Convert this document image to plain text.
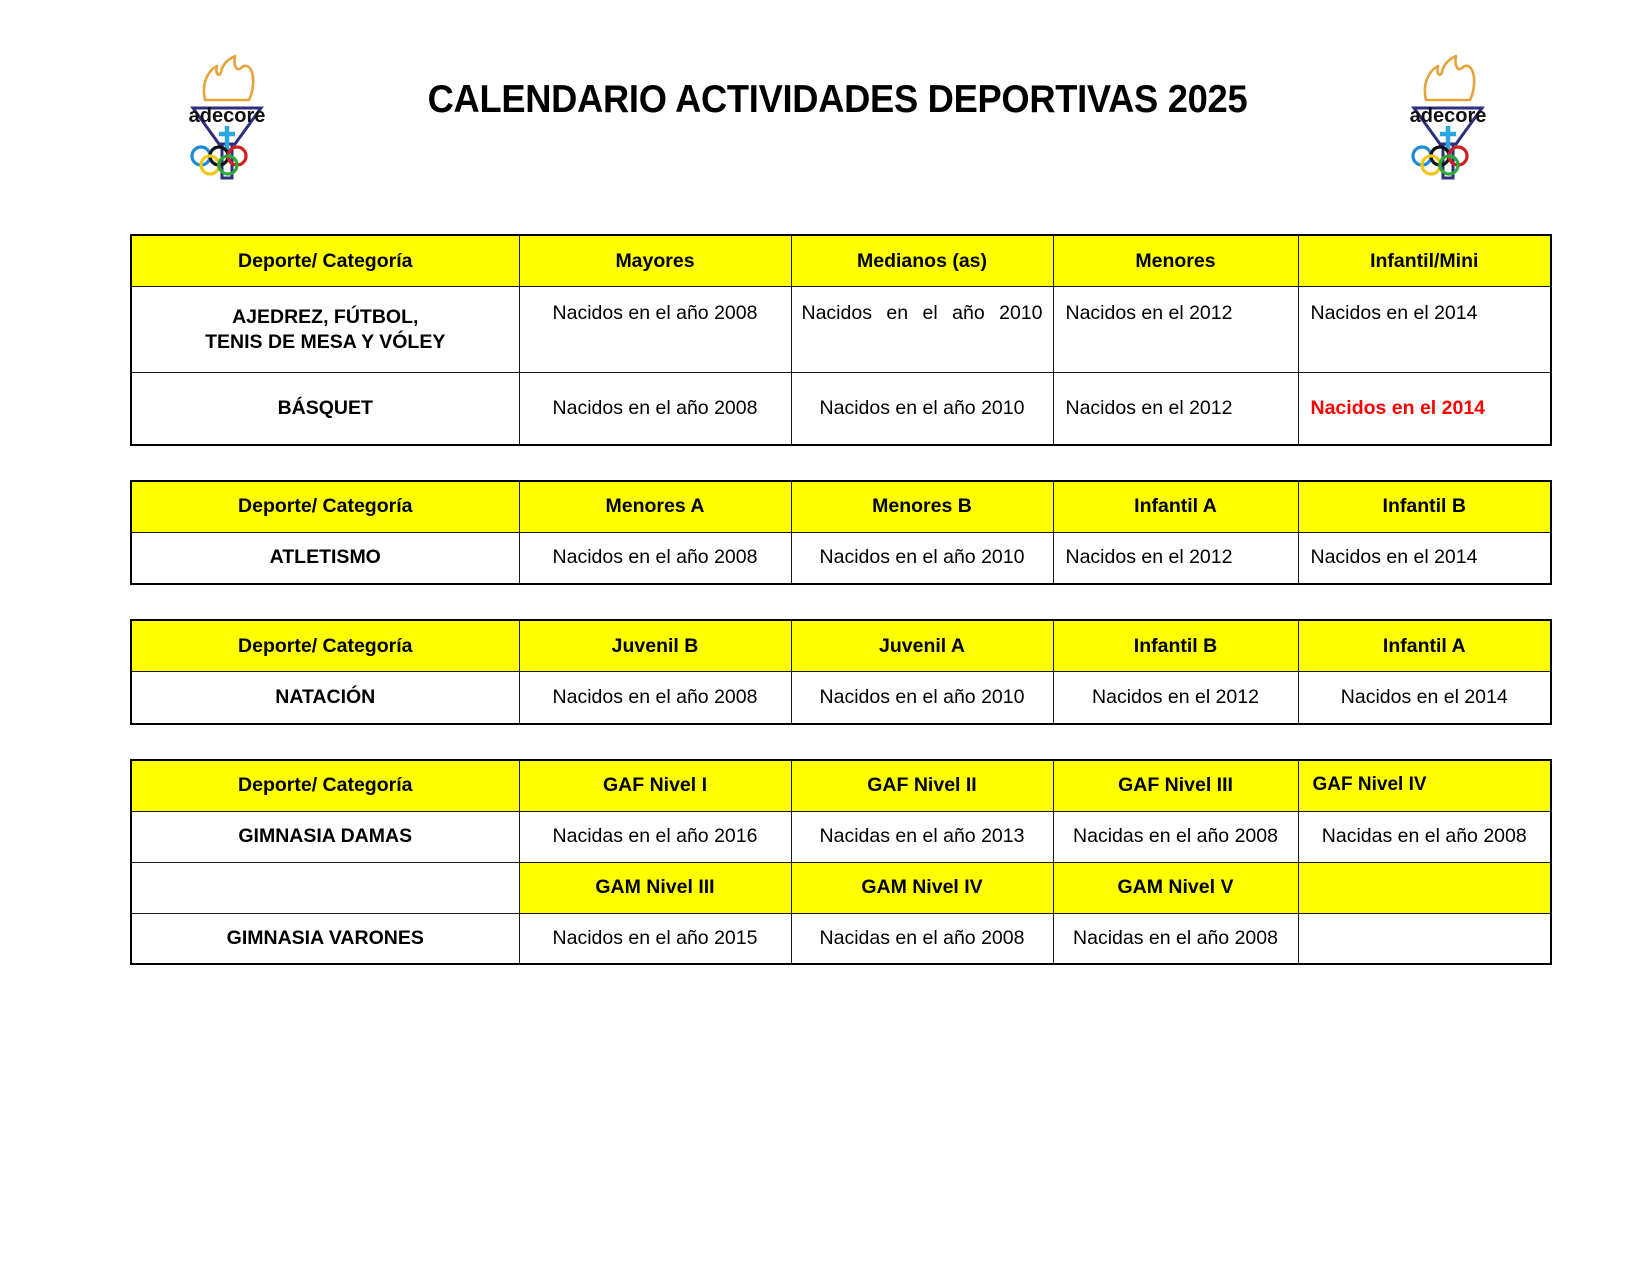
adecore	CALENDARIO ACTIVIDADES DEPORTIVAS 2025	adecore
Deporte/ Categoría	Mayores	Medianos (as)	Menores	Infantil/Mini

AJEDREZ, FÚTBOL,
TENIS DE MESA Y VÓLEY	Nacidos en el año 2008	Nacidos en el año 2010	Nacidos en el 2012	Nacidos en el 2014
BÁSQUET	Nacidos en el año 2008	Nacidos en el año 2010	Nacidos en el 2012	Nacidos en el 2014
Deporte/ Categoría	Menores A	Menores B	Infantil A	Infantil B
ATLETISMO	Nacidos en el año 2008	Nacidos en el año 2010	Nacidos en el 2012	Nacidos en el 2014
Deporte/ Categoría	Juvenil B	Juvenil A	Infantil B	Infantil A
NATACIÓN	Nacidos en el año 2008	Nacidos en el año 2010	Nacidos en el 2012	Nacidos en el 2014
Deporte/ Categoría	GAF Nivel I	GAF Nivel II	GAF Nivel III	GAF Nivel IV
GIMNASIA DAMAS	Nacidas en el año 2016	Nacidas en el año 2013	Nacidas en el año 2008	Nacidas en el año 2008
	GAM Nivel III	GAM Nivel IV	GAM Nivel V	
GIMNASIA VARONES	Nacidos en el año 2015	Nacidas en el año 2008	Nacidas en el año 2008	
